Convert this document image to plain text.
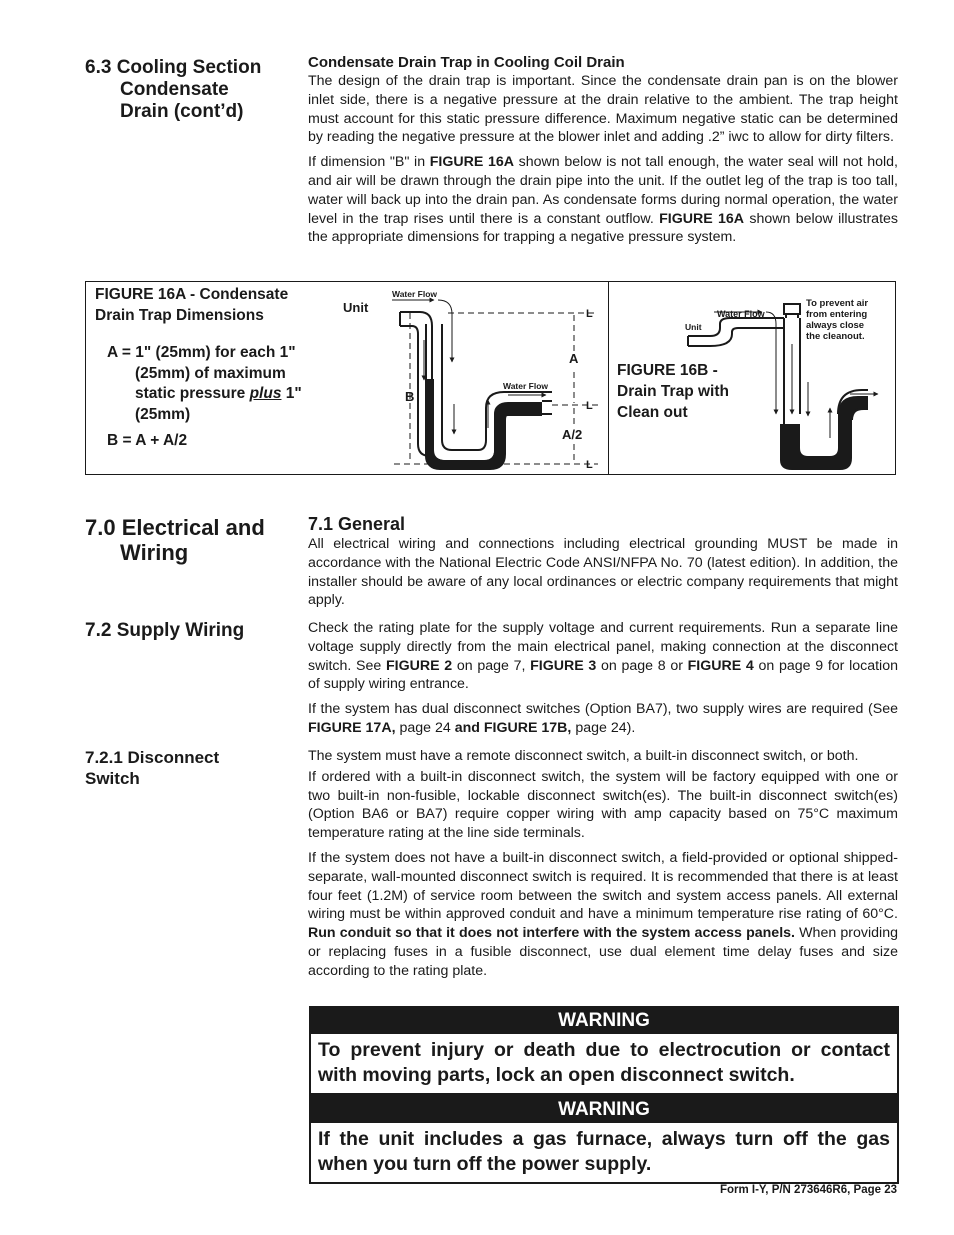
6.3 Cooling Section
Condensate
Drain (cont’d)
Condensate Drain Trap in Cooling Coil Drain

The design of the drain trap is important. Since the condensate drain pan is on the blower inlet side, there is a negative pressure at the drain relative to the ambient. The trap height must account for this static pressure difference. Maximum negative static can be determined by reading the negative pressure at the blower inlet and adding .2” iwc to allow for dirty filters.

If dimension "B" in FIGURE 16A shown below is not tall enough, the water seal will not hold, and air will be drawn through the drain pipe into the unit. If the outlet leg of the trap is too tall, water will back up into the drain pan. As condensate forms during normal operation, the water level in the trap rises until there is a constant outflow. FIGURE 16A shown below illustrates the appropriate dimensions for trapping a negative pressure system.

FIGURE 16A - Condensate
Drain Trap Dimensions
A = 1" (25mm) for each 1"
(25mm) of maximum
static pressure plus 1"
(25mm)
B = A + A/2
Unit
Water Flow
Water Flow
A
B
A/2
L
L
L
FIGURE 16B -
Drain Trap with
Clean out
Unit
Water Flow
To prevent air
from entering
always close
the cleanout.
7.0 Electrical and
Wiring
7.1 General

All electrical wiring and connections including electrical grounding MUST be made in accordance with the National Electric Code ANSI/NFPA No. 70 (latest edition). In addition, the installer should be aware of any local ordinances or electric company requirements that might apply.

7.2 Supply Wiring	Check the rating plate for the supply voltage and current requirements. Run a separate line voltage supply directly from the main electrical panel, making connection at the disconnect switch. See FIGURE 2 on page 7, FIGURE 3 on page 8 or FIGURE 4 on page 9 for location of supply wiring entrance.

If the system has dual disconnect switches (Option BA7), two supply wires are required (See FIGURE 17A, page 24 and FIGURE 17B, page 24).

7.2.1 Disconnect
Switch

The system must have a remote disconnect switch, a built-in disconnect switch, or both.

If ordered with a built-in disconnect switch, the system will be factory equipped with one or two built-in non-fusible, lockable disconnect switch(es). The built-in disconnect switch(es) (Option BA6 or BA7) require copper wiring with amp capacity based on 75°C maximum temperature rating at the line side terminals.

If the system does not have a built-in disconnect switch, a field-provided or optional shipped-separate, wall-mounted disconnect switch is required. It is recommended that there is at least four feet (1.2M) of service room between the switch and system access panels. All external wiring must be within approved conduit and have a minimum temperature rise rating of 60°C. Run conduit so that it does not interfere with the system access panels. When providing or replacing fuses in a fusible disconnect, use dual element time delay fuses and size according to the rating plate.

WARNING
To prevent injury or death due to electrocution or contact with moving parts, lock an open disconnect switch.
WARNING
If the unit includes a gas furnace, always turn off the gas when you turn off the power supply.
Form I-Y, P/N 273646R6, Page 23
